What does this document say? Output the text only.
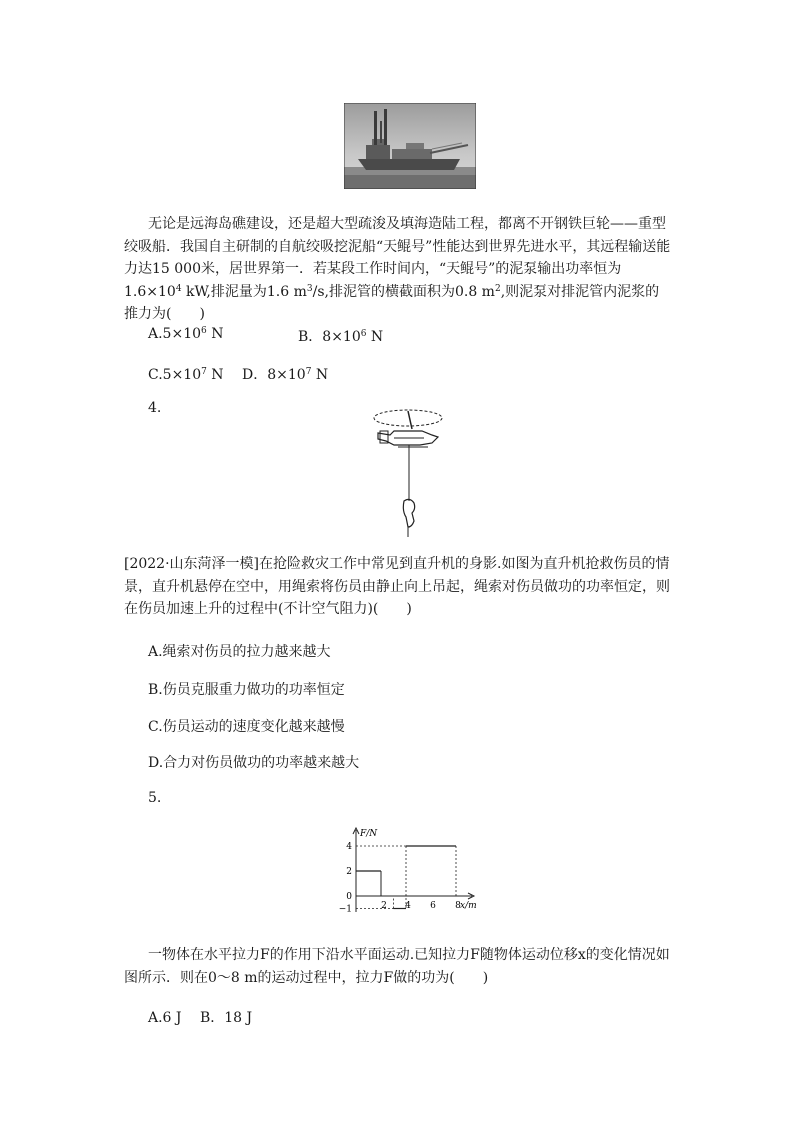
无论是远海岛礁建设，还是超大型疏浚及填海造陆工程，都离不开钢铁巨轮——重型绞吸船．我国自主研制的自航绞吸挖泥船“天鲲号”性能达到世界先进水平，其远程输送能力达15 000米，居世界第一．若某段工作时间内，“天鲲号”的泥泵输出功率恒为$1.6\times 10^4$ kW,排泥量为1.6 $m^3/s$,排泥管的横截面积为0.8 $m^2$,则泥泵对排泥管内泥浆的推力为(　　)
$A.5\times 10^6$ N	B．$8\times 10^6$ N
$C.5\times 10^7$ N　 D．$8\times 10^7$ N
4.
[2022·山东菏泽一模]在抢险救灾工作中常见到直升机的身影.如图为直升机抢救伤员的情景，直升机悬停在空中，用绳索将伤员由静止向上吊起，绳索对伤员做功的功率恒定，则在伤员加速上升的过程中(不计空气阻力)(　　)
A.绳索对伤员的拉力越来越大
B.伤员克服重力做功的功率恒定
C.伤员运动的速度变化越来越慢
D.合力对伤员做功的功率越来越大
5.
F/N
x/m
4
2
0
−1	2 4 6 8
一物体在水平拉力F的作用下沿水平面运动.已知拉力F随物体运动位移x的变化情况如图所示．则在0～8 m的运动过程中，拉力F做的功为(　　)
A.6 J　 B．18 J
